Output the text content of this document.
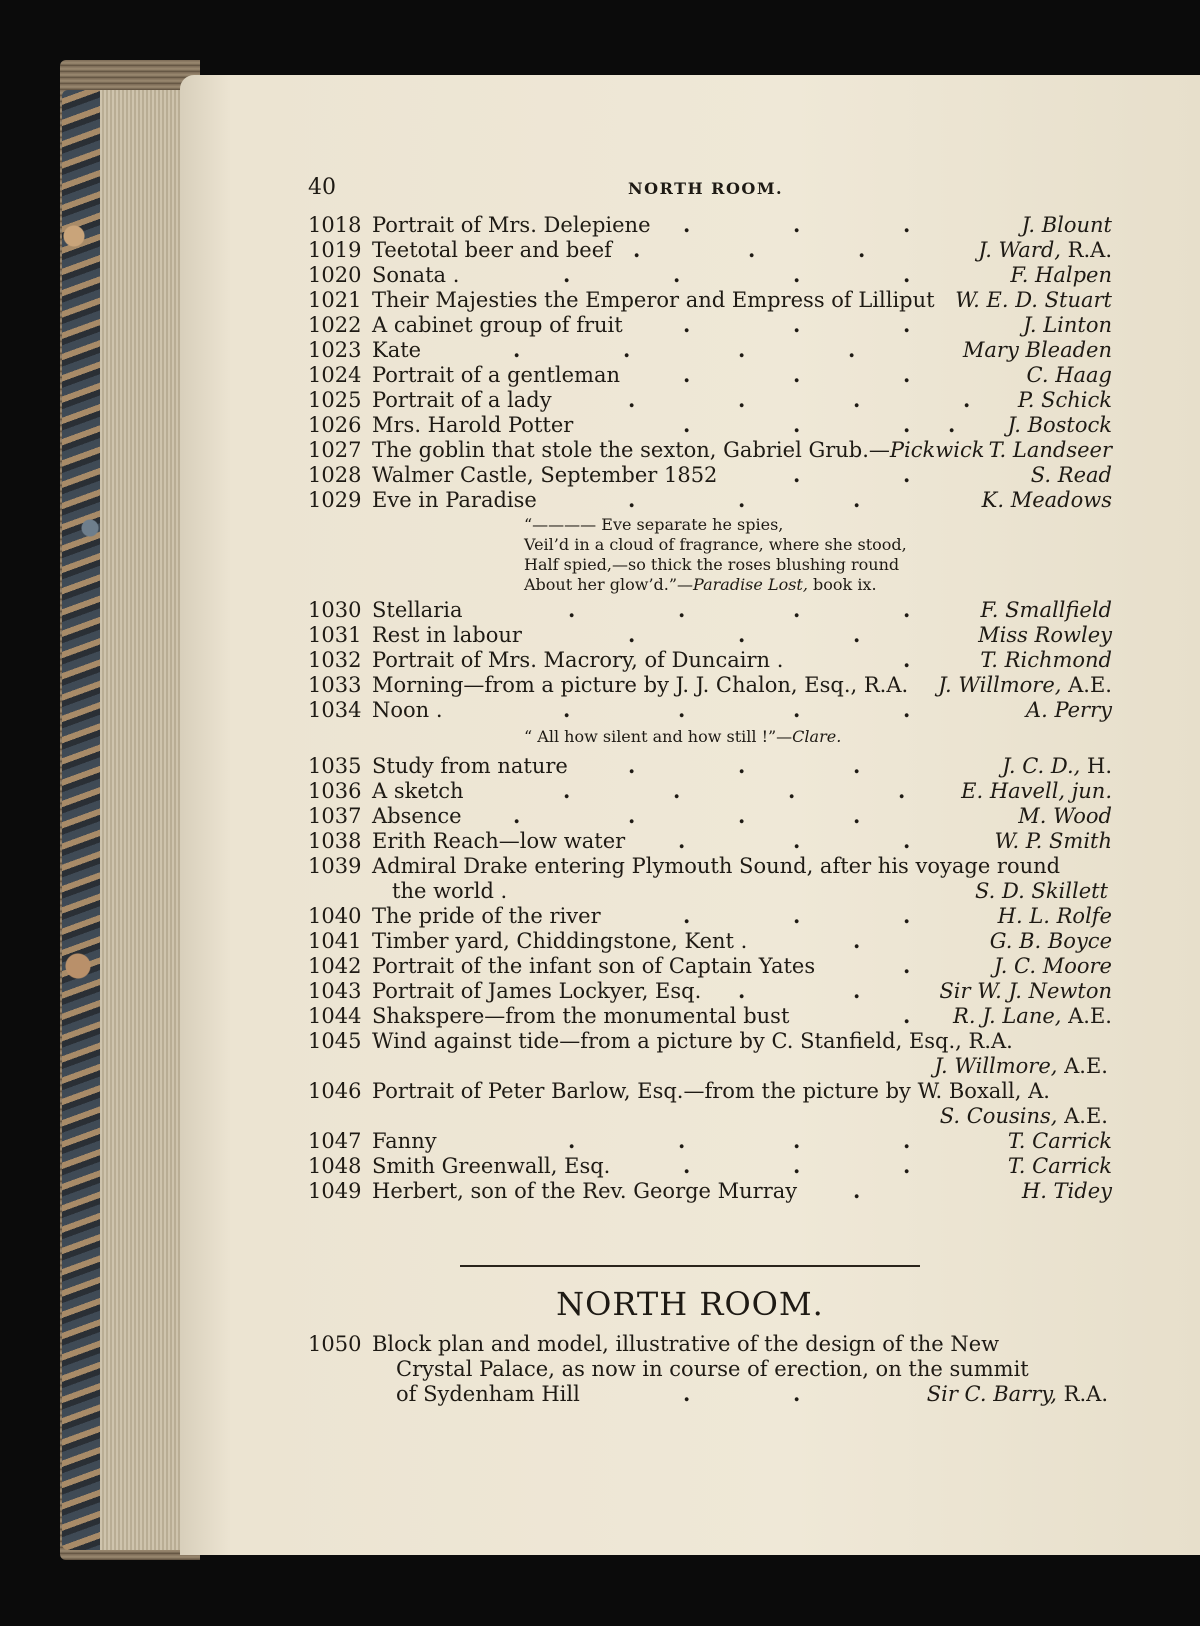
40	NORTH ROOM.
1018 Portrait of Mrs. Delepiene .	.	.	J. Blount
1019 Teetotal beer and beef .	.	.	J. Ward, R.A.
1020 Sonata .	.	.	.	.	F. Halpen
1021 Their Majesties the Emperor and Empress of Lilliput W. E. D. Stuart
1022 A cabinet group of fruit	.	.	.	J. Linton
1023 Kate	.	.	.	.	Mary Bleaden
1024 Portrait of a gentleman	.	.	.	C. Haag
1025 Portrait of a lady	.	.	.	. P. Schick
1026 Mrs. Harold Potter	.	.	. . J. Bostock
1027 The goblin that stole the sexton, Gabriel Grub.—Pickwick T. Landseer
1028 Walmer Castle, September 1852	.	.	S. Read
1029 Eve in Paradise	.	.	.	K. Meadows
“———— Eve separate he spies,
Veil’d in a cloud of fragrance, where she stood,
Half spied,—so thick the roses blushing round
About her glow’d.”—Paradise Lost, book ix.
1030 Stellaria	.	.	.	.	F. Smallfield
1031 Rest in labour	.	.	.	Miss Rowley
1032 Portrait of Mrs. Macrory, of Duncairn .	.	T. Richmond
1033 Morning—from a picture by J. J. Chalon, Esq., R.A. J. Willmore, A.E.
1034 Noon .	.	.	.	.	A. Perry
“ All how silent and how still !”—Clare.
1035 Study from nature	.	.	.	J. C. D., H.
1036 A sketch	.	.	.	.	E. Havell, jun.
1037 Absence .	.	.	.	M. Wood
1038 Erith Reach—low water	.	.	.	W. P. Smith
1039 Admiral Drake entering Plymouth Sound, after his voyage round
the world .	S. D. Skillett
1040 The pride of the river	.	.	.	H. L. Rolfe
1041 Timber yard, Chiddingstone, Kent .	.	G. B. Boyce
1042 Portrait of the infant son of Captain Yates	.	J. C. Moore
1043 Portrait of James Lockyer, Esq. .	.	Sir W. J. Newton
1044 Shakspere—from the monumental bust	. R. J. Lane, A.E.
1045 Wind against tide—from a picture by C. Stanfield, Esq., R.A.
J. Willmore, A.E.
1046 Portrait of Peter Barlow, Esq.—from the picture by W. Boxall, A.
S. Cousins, A.E.
1047 Fanny	.	.	.	.	T. Carrick
1048 Smith Greenwall, Esq.	.	.	.	T. Carrick
1049 Herbert, son of the Rev. George Murray	.	H. Tidey
NORTH ROOM.
1050 Block plan and model, illustrative of the design of the New
Crystal Palace, as now in course of erection, on the summit
of Sydenham Hill	.	.	Sir C. Barry, R.A.
